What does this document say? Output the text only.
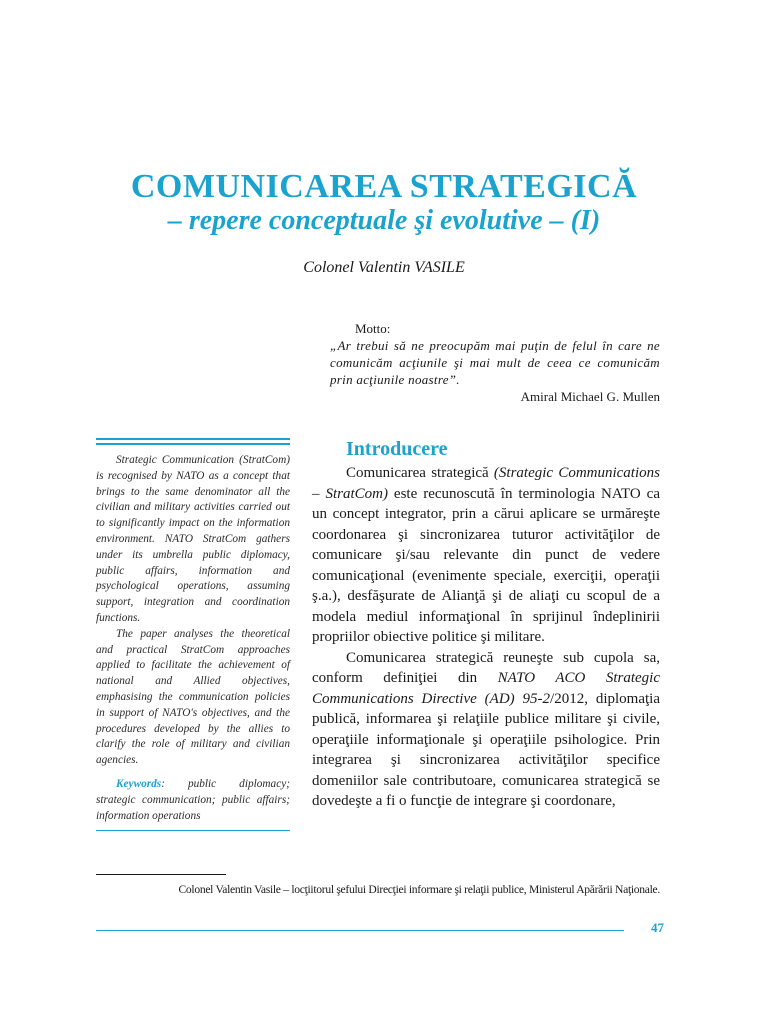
COMUNICAREA STRATEGICĂ
– repere conceptuale şi evolutive – (I)
Colonel Valentin VASILE
Motto:
„Ar trebui să ne preocupăm mai puţin de felul în care ne comunicăm acţiunile şi mai mult de ceea ce comunicăm prin acţiunile noastre”.
Amiral Michael G. Mullen

Strategic Communication (StratCom) is recognised by NATO as a concept that brings to the same denominator all the civilian and military activities carried out to significantly impact on the information environment. NATO StratCom gathers under its umbrella public diplomacy, public affairs, information and psychological operations, assuming support, integration and coordination functions.

The paper analyses the theoretical and practical StratCom approaches applied to facilitate the achievement of national and Allied objectives, emphasising the communication policies in support of NATO's objectives, and the procedures developed by the allies to clarify the role of military and civilian agencies.

Keywords: public diplomacy; strategic communication; public affairs; information operations

Introducere

Comunicarea strategică (Strategic Communications – StratCom) este recunoscută în terminologia NATO ca un concept integrator, prin a cărui aplicare se urmăreşte coordonarea şi sincronizarea tuturor activităţilor de comunicare şi/sau relevante din punct de vedere comunicaţional (evenimente speciale, exerciţii, operaţii ş.a.), desfăşurate de Alianţă şi de aliaţi cu scopul de a modela mediul informaţional în sprijinul îndeplinirii propriilor obiective politice şi militare.

Comunicarea strategică reuneşte sub cupola sa, conform definiţiei din NATO ACO Strategic Communications Directive (AD) 95-2/2012, diplomaţia publică, informarea şi relaţiile publice militare şi civile, operaţiile informaţionale şi operaţiile psihologice. Prin integrarea şi sincronizarea activităţilor specifice domeniilor sale contributoare, comunicarea strategică se dovedeşte a fi o funcţie de integrare şi coordonare,

Colonel Valentin Vasile – locţiitorul şefului Direcţiei informare şi relaţii publice, Ministerul Apărării Naţionale.
47
